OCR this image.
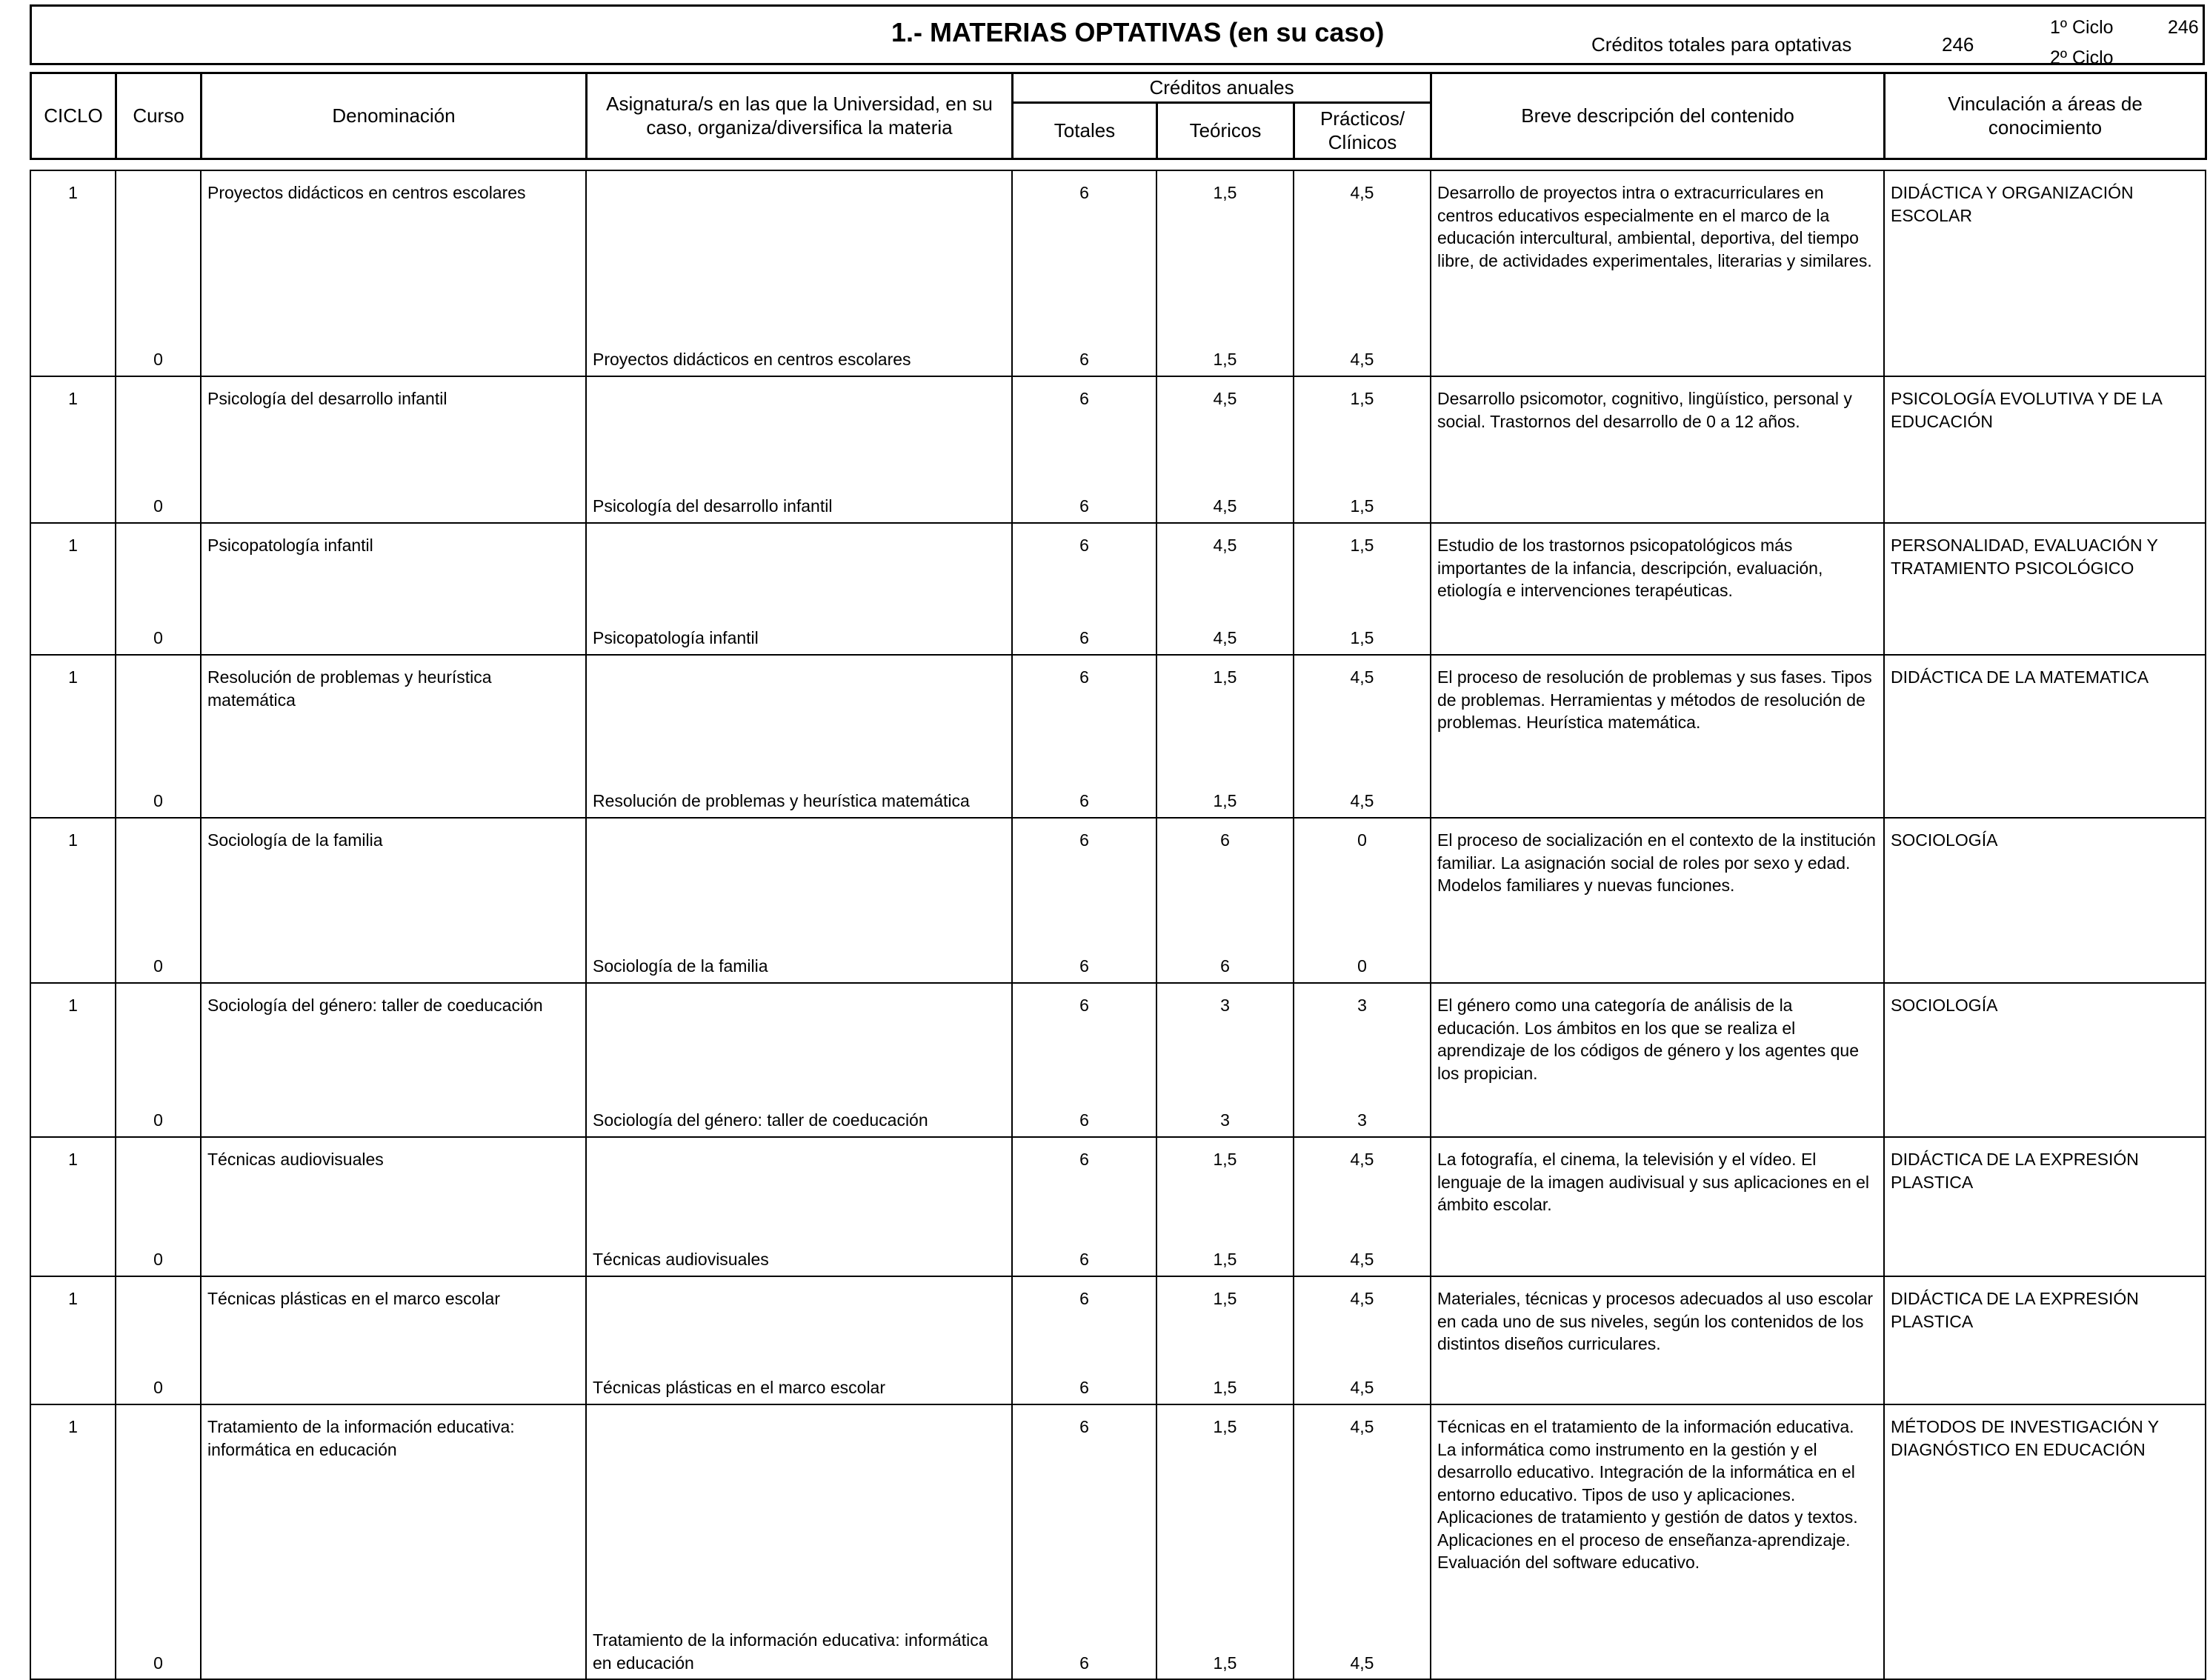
1.- MATERIAS OPTATIVAS (en su caso)	Créditos totales para optativas	246
1º Ciclo	246
2º Ciclo
CICLO	Curso	Denominación	Asignatura/s en las que la Universidad, en su caso, organiza/diversifica la materia	Créditos anuales			Breve descripción del contenido	Vinculación a áreas de conocimiento
				Totales	Teóricos	Prácticos/ Clínicos		
1		Proyectos didácticos en centros escolares		6	1,5	4,5	Desarrollo de proyectos intra o extracurriculares en centros educativos especialmente en el marco de la educación intercultural, ambiental, deportiva, del tiempo libre, de actividades experimentales, literarias y similares.	DIDÁCTICA Y ORGANIZACIÓN ESCOLAR
	0		Proyectos didácticos en centros escolares	6	1,5	4,5		
1		Psicología del desarrollo infantil		6	4,5	1,5	Desarrollo psicomotor, cognitivo, lingüístico, personal y social. Trastornos del desarrollo de 0 a 12 años.	PSICOLOGÍA EVOLUTIVA Y DE LA EDUCACIÓN
	0		Psicología del desarrollo infantil	6	4,5	1,5		
1		Psicopatología infantil		6	4,5	1,5	Estudio de los trastornos psicopatológicos más importantes de la infancia, descripción, evaluación, etiología e intervenciones terapéuticas.	PERSONALIDAD, EVALUACIÓN Y TRATAMIENTO PSICOLÓGICO
	0		Psicopatología infantil	6	4,5	1,5		
1		Resolución de problemas y heurística matemática		6	1,5	4,5	El proceso de resolución de problemas y sus fases. Tipos de problemas. Herramientas y métodos de resolución de problemas. Heurística matemática.	DIDÁCTICA DE LA MATEMATICA
	0		Resolución de problemas y heurística matemática	6	1,5	4,5		
1		Sociología de la familia		6	6	0	El proceso de socialización en el contexto de la institución familiar. La asignación social de roles por sexo y edad. Modelos familiares y nuevas funciones.	SOCIOLOGÍA
	0		Sociología de la familia	6	6	0		
1		Sociología del género: taller de coeducación		6	3	3	El género como una categoría de análisis de la educación. Los ámbitos en los que se realiza el aprendizaje de los códigos de género y los agentes que los propician.	SOCIOLOGÍA
	0		Sociología del género: taller de coeducación	6	3	3		
1		Técnicas audiovisuales		6	1,5	4,5	La fotografía, el cinema, la televisión y el vídeo. El lenguaje de la imagen audivisual y sus aplicaciones en el ámbito escolar.	DIDÁCTICA DE LA EXPRESIÓN PLASTICA
	0		Técnicas audiovisuales	6	1,5	4,5		
1		Técnicas plásticas en el marco escolar		6	1,5	4,5	Materiales, técnicas y procesos adecuados al uso escolar en cada uno de sus niveles, según los contenidos de los distintos diseños curriculares.	DIDÁCTICA DE LA EXPRESIÓN PLASTICA
	0		Técnicas plásticas en el marco escolar	6	1,5	4,5		
1		Tratamiento de la información educativa: informática en educación		6	1,5	4,5	Técnicas en el tratamiento de la información educativa. La informática como instrumento en la gestión y el desarrollo educativo. Integración de la informática en el entorno educativo. Tipos de uso y aplicaciones. Aplicaciones de tratamiento y gestión de datos y textos. Aplicaciones en el proceso de enseñanza-aprendizaje. Evaluación del software educativo.	MÉTODOS DE INVESTIGACIÓN Y DIAGNÓSTICO EN EDUCACIÓN
	0		Tratamiento de la información educativa: informática en educación	6	1,5	4,5		
